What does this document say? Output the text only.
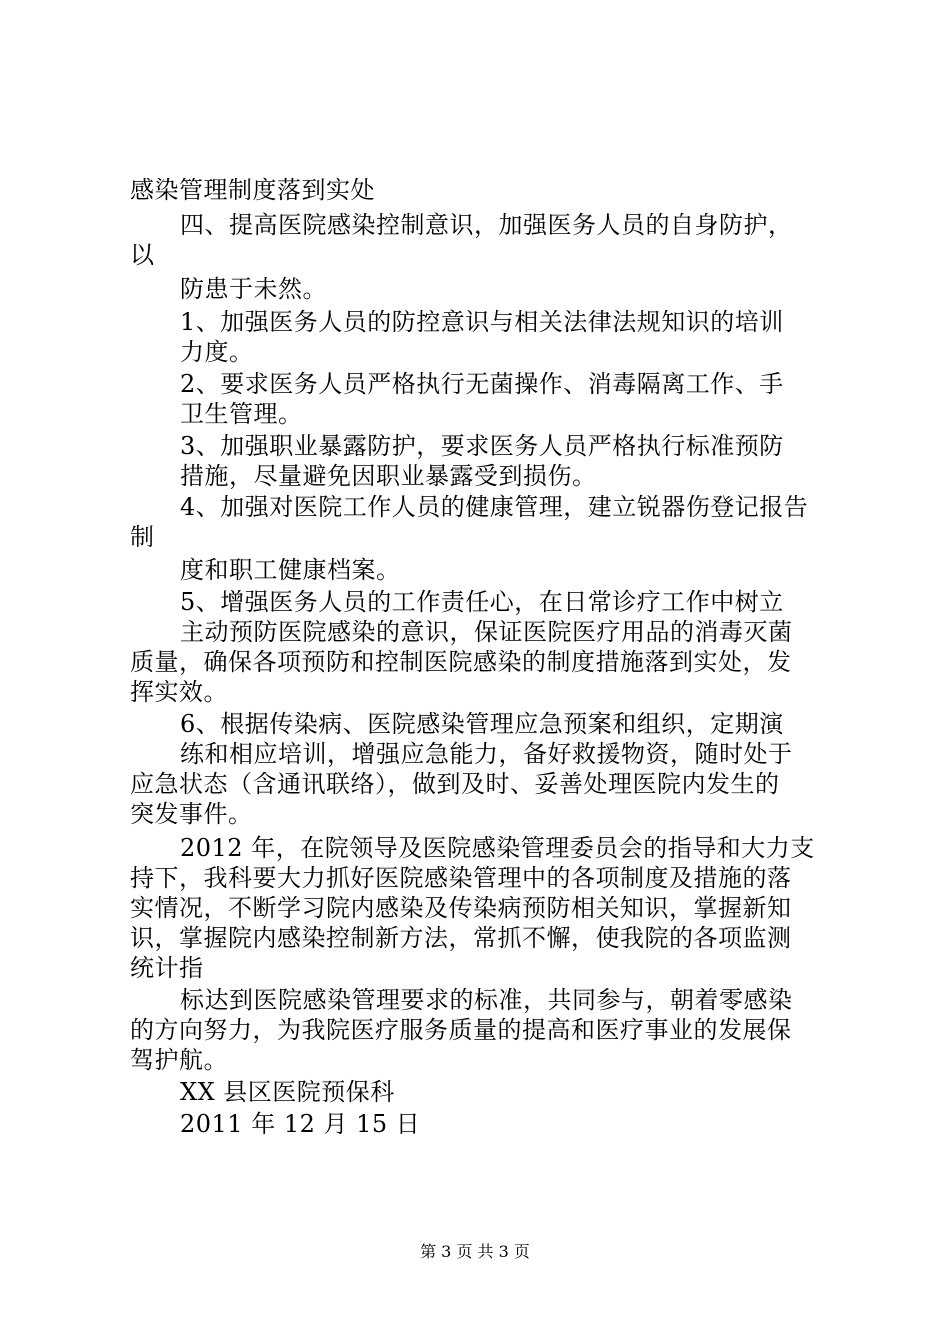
感染管理制度落到实处

四、提高医院感染控制意识，加强医务人员的自身防护，

以

防患于未然。

1、加强医务人员的防控意识与相关法律法规知识的培训

力度。

2、要求医务人员严格执行无菌操作、消毒隔离工作、手

卫生管理。

3、加强职业暴露防护，要求医务人员严格执行标准预防

措施，尽量避免因职业暴露受到损伤。

4、加强对医院工作人员的健康管理，建立锐器伤登记报告

制

度和职工健康档案。

5、增强医务人员的工作责任心，在日常诊疗工作中树立

主动预防医院感染的意识，保证医院医疗用品的消毒灭菌

质量，确保各项预防和控制医院感染的制度措施落到实处，发

挥实效。

6、根据传染病、医院感染管理应急预案和组织，定期演

练和相应培训，增强应急能力，备好救援物资，随时处于

应急状态（含通讯联络），做到及时、妥善处理医院内发生的

突发事件。

2012 年，在院领导及医院感染管理委员会的指导和大力支

持下，我科要大力抓好医院感染管理中的各项制度及措施的落

实情况，不断学习院内感染及传染病预防相关知识，掌握新知

识，掌握院内感染控制新方法，常抓不懈，使我院的各项监测

统计指

标达到医院感染管理要求的标准，共同参与，朝着零感染

的方向努力，为我院医疗服务质量的提高和医疗事业的发展保

驾护航。

XX 县区医院预保科

2011 年 12 月 15 日

第 3 页 共 3 页
